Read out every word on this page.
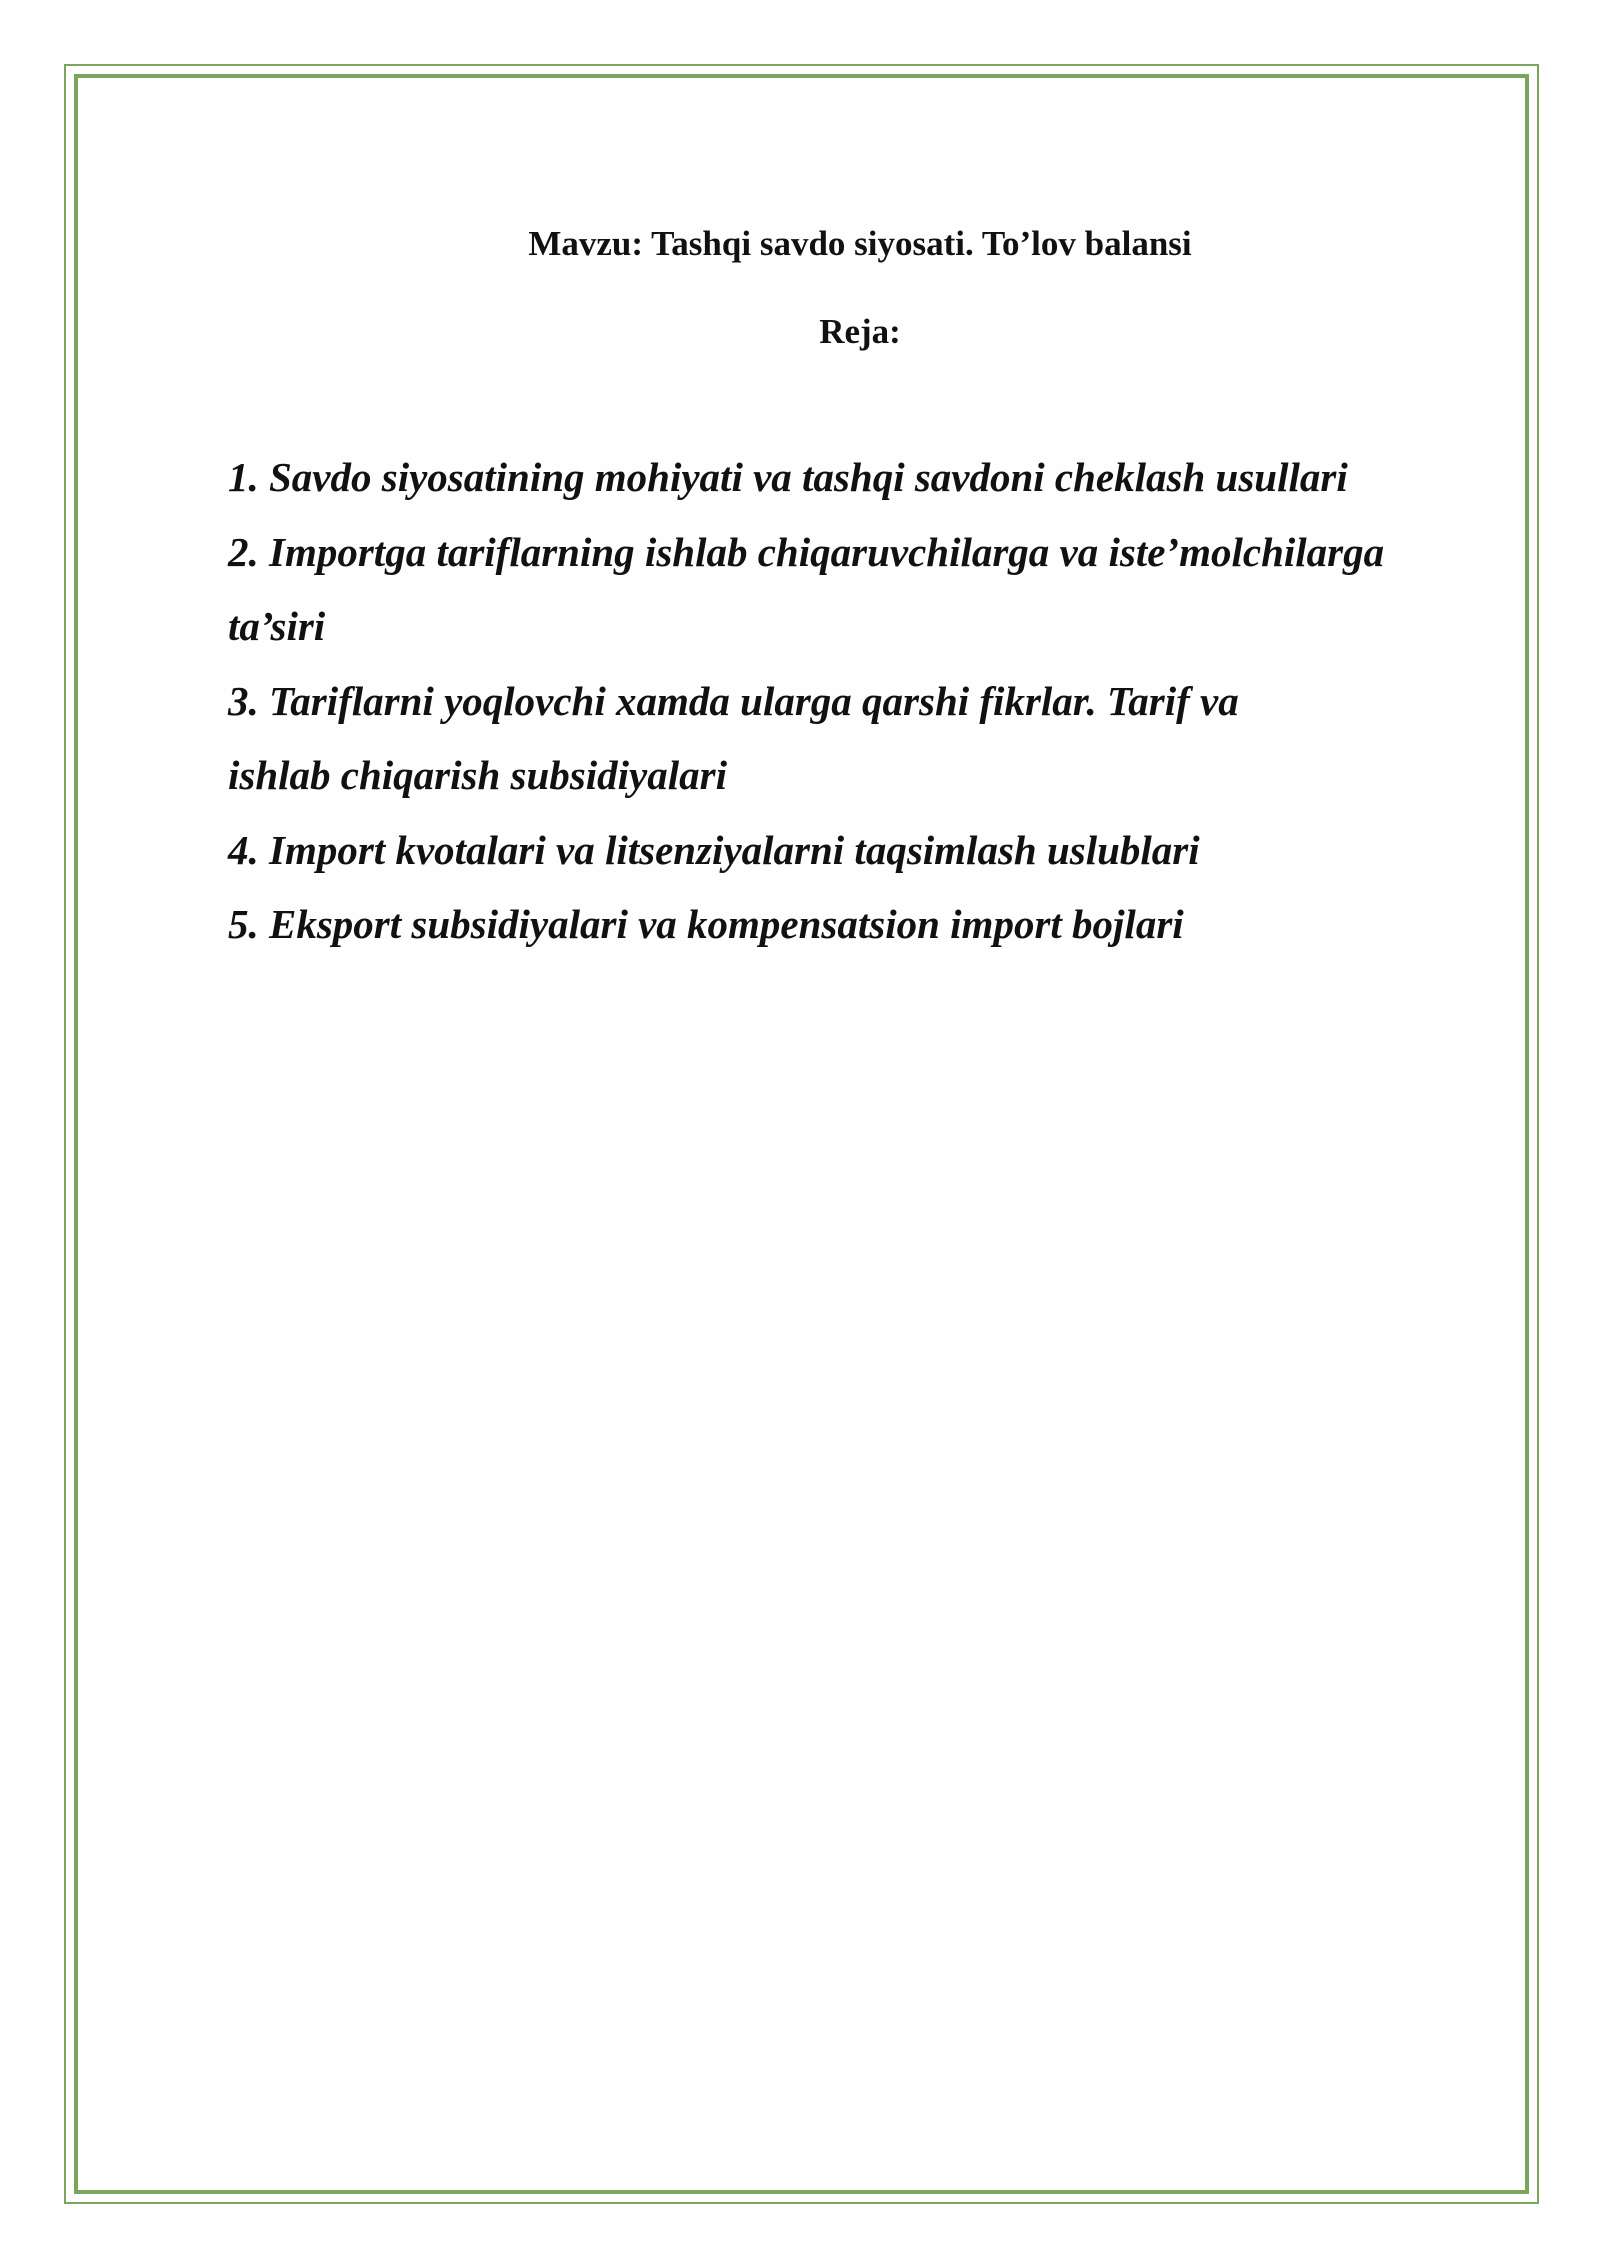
Mavzu: Tashqi savdo siyosati. To’lov balansi
Reja:
1. Savdo siyosatining mohiyati va tashqi savdoni cheklash usullari
2. Importga tariflarning ishlab chiqaruvchilarga va iste’molchilarga
ta’siri
3. Tariflarni yoqlovchi xamda ularga qarshi fikrlar. Tarif va
ishlab chiqarish subsidiyalari
4. Import kvotalari va litsenziyalarni taqsimlash uslublari
5. Eksport subsidiyalari va kompensatsion import bojlari
